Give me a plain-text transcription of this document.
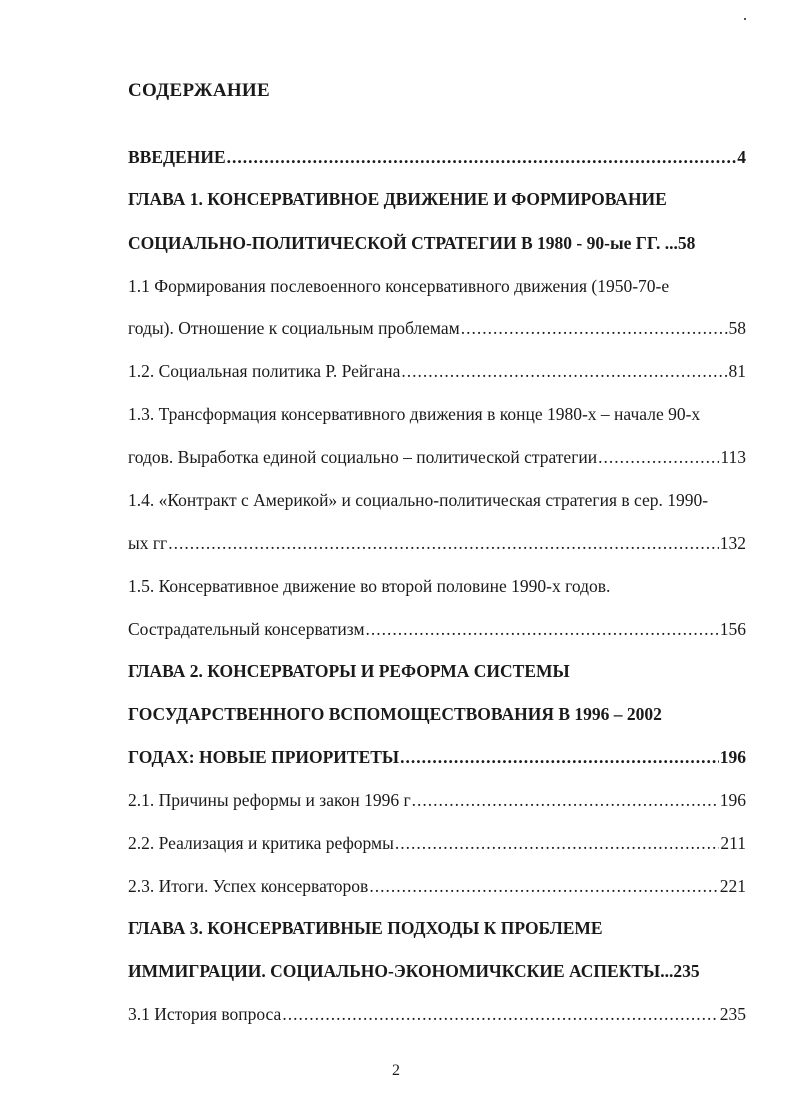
СОДЕРЖАНИЕ
ВВЕДЕНИЕ .....	4
ГЛАВА 1. КОНСЕРВАТИВНОЕ ДВИЖЕНИЕ И ФОРМИРОВАНИЕ
СОЦИАЛЬНО-ПОЛИТИЧЕСКОЙ СТРАТЕГИИ В 1980 - 90-ые ГГ. ...58
1.1 Формирования послевоенного консервативного движения (1950-70-е
годы). Отношение к социальным проблемам .....	58
1.2. Социальная политика Р. Рейгана .....	81
1.3. Трансформация консервативного движения в конце 1980-х – начале 90-х
годов. Выработка единой социально – политической стратегии .....	113
1.4. «Контракт с Америкой» и социально-политическая стратегия в сер. 1990-
ых гг .....	132
1.5. Консервативное движение во второй половине 1990-х годов.
Сострадательный консерватизм .....	156
ГЛАВА 2. КОНСЕРВАТОРЫ И РЕФОРМА СИСТЕМЫ
ГОСУДАРСТВЕННОГО ВСПОМОЩЕСТВОВАНИЯ В 1996 – 2002
ГОДАХ: НОВЫЕ ПРИОРИТЕТЫ .....	196
2.1. Причины реформы и закон 1996 г .....	196
2.2. Реализация и критика реформы .....	211
2.3. Итоги. Успех консерваторов .....	221
ГЛАВА 3. КОНСЕРВАТИВНЫЕ ПОДХОДЫ К ПРОБЛЕМЕ
ИММИГРАЦИИ. СОЦИАЛЬНО-ЭКОНОМИЧКСКИЕ АСПЕКТЫ...235
3.1 История вопроса .....	235
2
